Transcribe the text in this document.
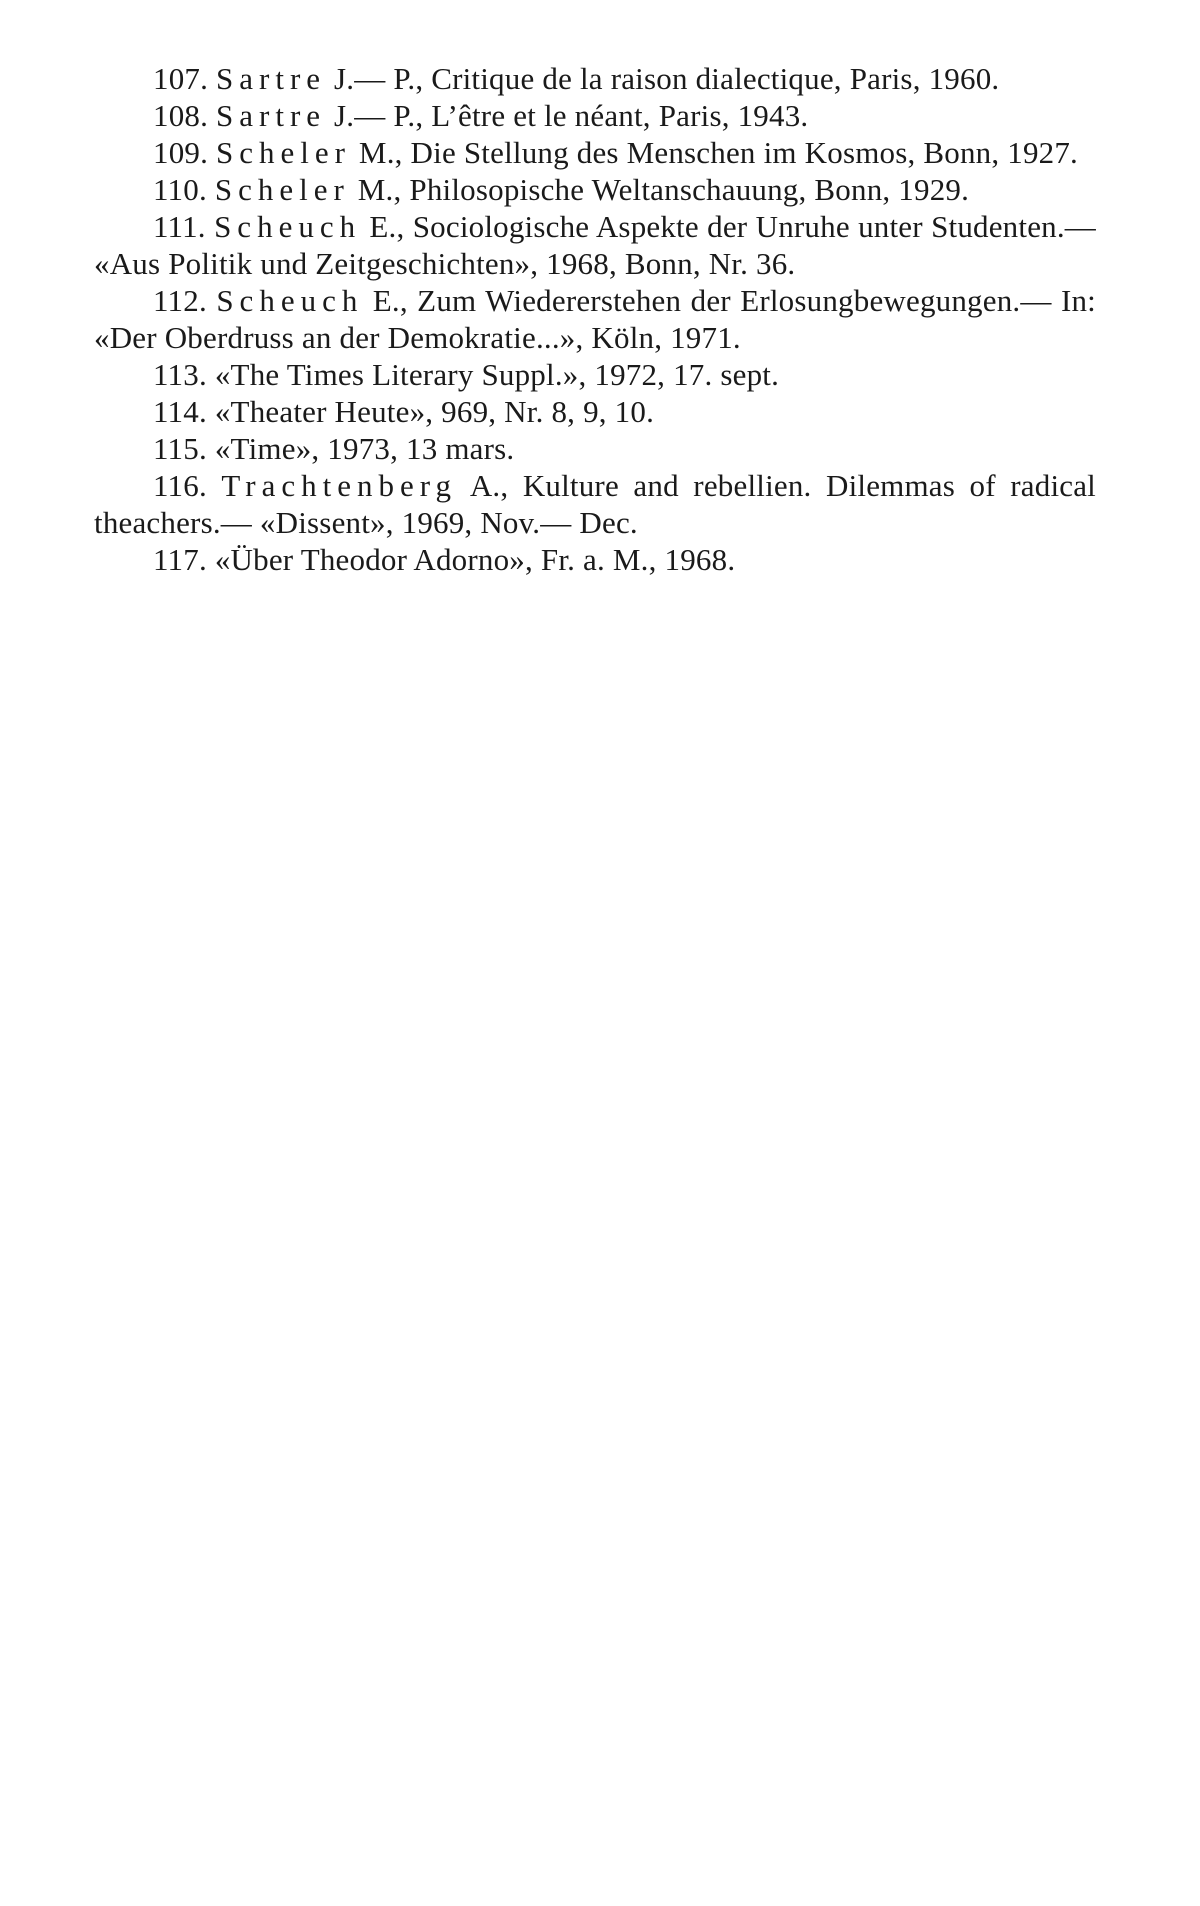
107. Sartre J.— P., Critique de la raison dialectique, Paris, 1960.

108. Sartre J.— P., L’être et le néant, Paris, 1943.

109. Scheler M., Die Stellung des Menschen im Kosmos, Bonn, 1927.

110. Scheler M., Philosopische Weltanschauung, Bonn, 1929.

111. Scheuch E., Sociologische Aspekte der Unruhe unter Studenten.— «Aus Politik und Zeitgeschichten», 1968, Bonn, Nr. 36.

112. Scheuch E., Zum Wiedererstehen der Erlosungbewegungen.— In: «Der Oberdruss an der Demokratie...», Köln, 1971.

113. «The Times Literary Suppl.», 1972, 17. sept.

114. «Theater Heute», 969, Nr. 8, 9, 10.

115. «Time», 1973, 13 mars.

116. Trachtenberg A., Kulture and rebellien. Dilemmas of radical theachers.— «Dissent», 1969, Nov.— Dec.

117. «Über Theodor Adorno», Fr. a. M., 1968.
